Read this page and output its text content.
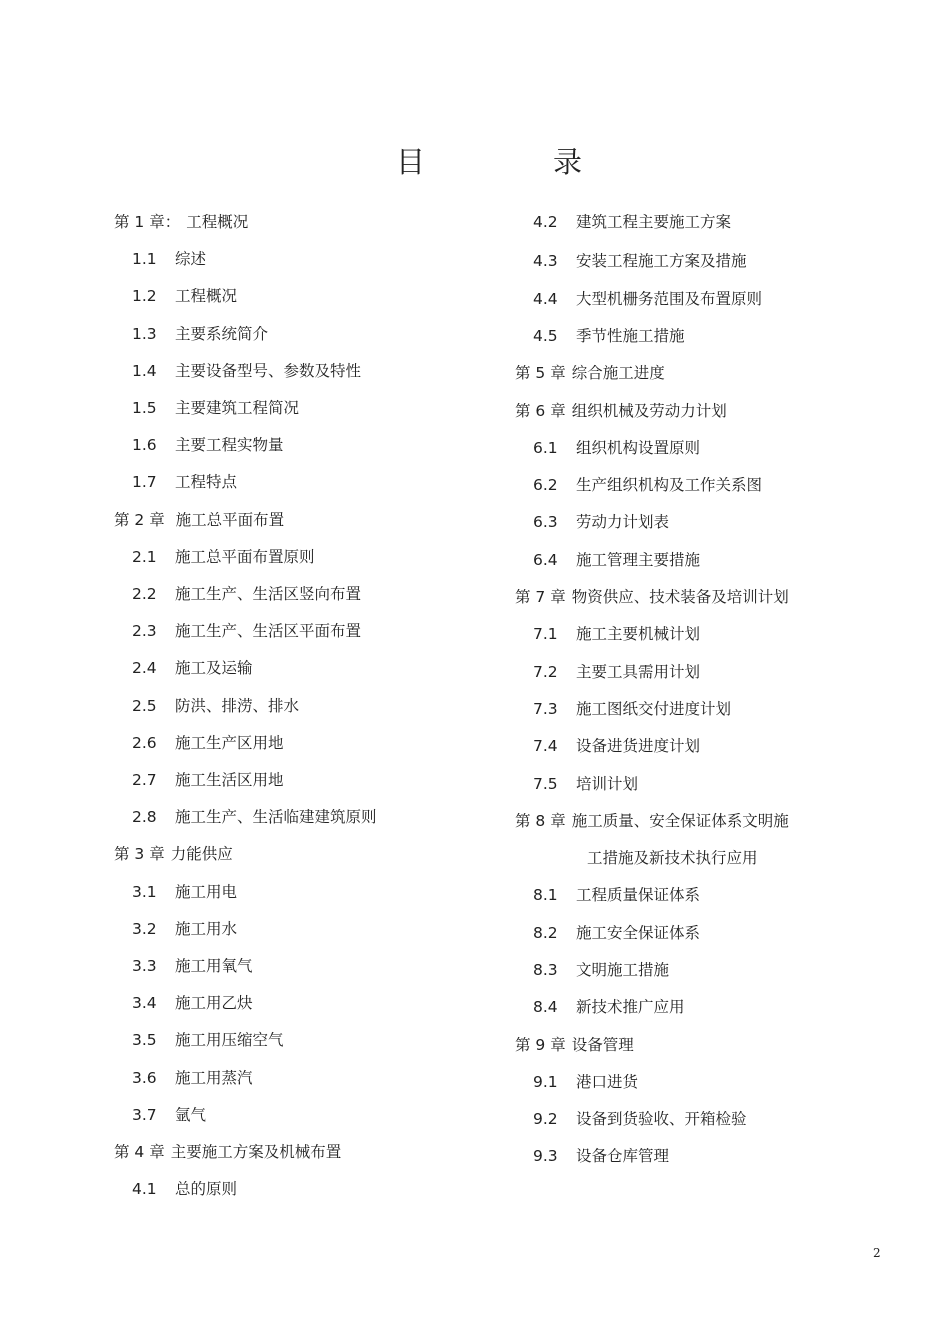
目	录
第 1 章： 工程概况
1.1 综述
1.2 工程概况
1.3 主要系统简介
1.4 主要设备型号、参数及特性
1.5 主要建筑工程简况
1.6 主要工程实物量
1.7 工程特点
第 2 章 施工总平面布置
2.1 施工总平面布置原则
2.2 施工生产、生活区竖向布置
2.3 施工生产、生活区平面布置
2.4 施工及运输
2.5 防洪、排涝、排水
2.6 施工生产区用地
2.7 施工生活区用地
2.8 施工生产、生活临建建筑原则
第 3 章 力能供应
3.1 施工用电
3.2 施工用水
3.3 施工用氧气
3.4 施工用乙炔
3.5 施工用压缩空气
3.6 施工用蒸汽
3.7 氩气
第 4 章 主要施工方案及机械布置
4.1 总的原则
4.2 建筑工程主要施工方案
4.3 安装工程施工方案及措施
4.4 大型机栅务范围及布置原则
4.5 季节性施工措施
第 5 章 综合施工进度
第 6 章 组织机械及劳动力计划
6.1 组织机构设置原则
6.2 生产组织机构及工作关系图
6.3 劳动力计划表
6.4 施工管理主要措施
第 7 章 物资供应、技术装备及培训计划
7.1 施工主要机械计划
7.2 主要工具需用计划
7.3 施工图纸交付进度计划
7.4 设备进货进度计划
7.5 培训计划
第 8 章 施工质量、安全保证体系文明施
工措施及新技术执行应用
8.1 工程质量保证体系
8.2 施工安全保证体系
8.3 文明施工措施
8.4 新技术推广应用
第 9 章 设备管理
9.1 港口进货
9.2 设备到货验收、开箱检验
9.3 设备仓库管理
2
